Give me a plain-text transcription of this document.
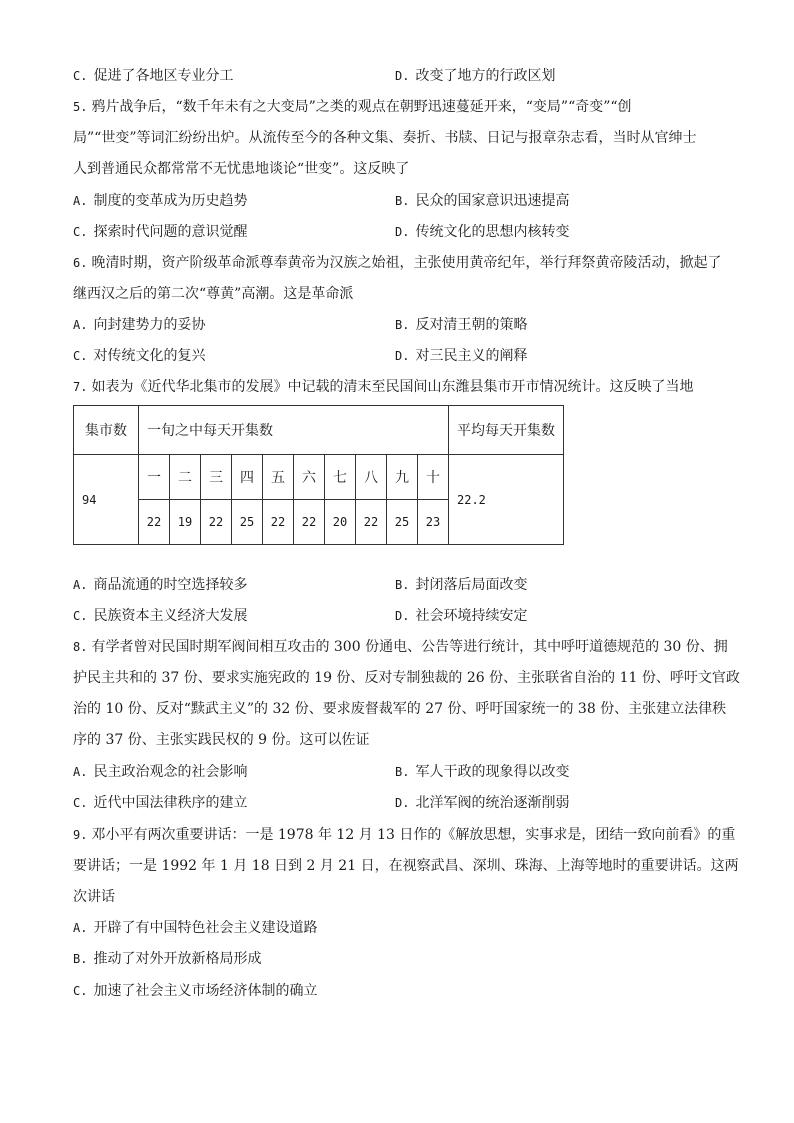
C. 促进了各地区专业分工	D. 改变了地方的行政区划
5. 鸦片战争后，“数千年未有之大变局”之类的观点在朝野迅速蔓延开来，“变局”“奇变”“创
局”“世变”等词汇纷纷出炉。从流传至今的各种文集、奏折、书牍、日记与报章杂志看，当时从官绅士
人到普通民众都常常不无忧患地谈论“世变”。这反映了
A. 制度的变革成为历史趋势	B. 民众的国家意识迅速提高
C. 探索时代问题的意识觉醒	D. 传统文化的思想内核转变
6. 晚清时期，资产阶级革命派尊奉黄帝为汉族之始祖，主张使用黄帝纪年，举行拜祭黄帝陵活动，掀起了
继西汉之后的第二次“尊黄”高潮。这是革命派
A. 向封建势力的妥协	B. 反对清王朝的策略
C. 对传统文化的复兴	D. 对三民主义的阐释
7. 如表为《近代华北集市的发展》中记载的清末至民国间山东潍县集市开市情况统计。这反映了当地
集市数	一旬之中每天开集数										平均每天开集数
94	一	二	三	四	五	六	七	八	九	十	22.2
	22	19	22	25	22	22	20	22	25	23	
A. 商品流通的时空选择较多	B. 封闭落后局面改变
C. 民族资本主义经济大发展	D. 社会环境持续安定
8. 有学者曾对民国时期军阀间相互攻击的 300 份通电、公告等进行统计，其中呼吁道德规范的 30 份、拥
护民主共和的 37 份、要求实施宪政的 19 份、反对专制独裁的 26 份、主张联省自治的 11 份、呼吁文官政
治的 10 份、反对“黩武主义”的 32 份、要求废督裁军的 27 份、呼吁国家统一的 38 份、主张建立法律秩
序的 37 份、主张实践民权的 9 份。这可以佐证
A. 民主政治观念的社会影响	B. 军人干政的现象得以改变
C. 近代中国法律秩序的建立	D. 北洋军阀的统治逐渐削弱
9. 邓小平有两次重要讲话：一是 1978 年 12 月 13 日作的《解放思想，实事求是，团结一致向前看》的重
要讲话；一是 1992 年 1 月 18 日到 2 月 21 日，在视察武昌、深圳、珠海、上海等地时的重要讲话。这两
次讲话
A. 开辟了有中国特色社会主义建设道路
B. 推动了对外开放新格局形成
C. 加速了社会主义市场经济体制的确立
